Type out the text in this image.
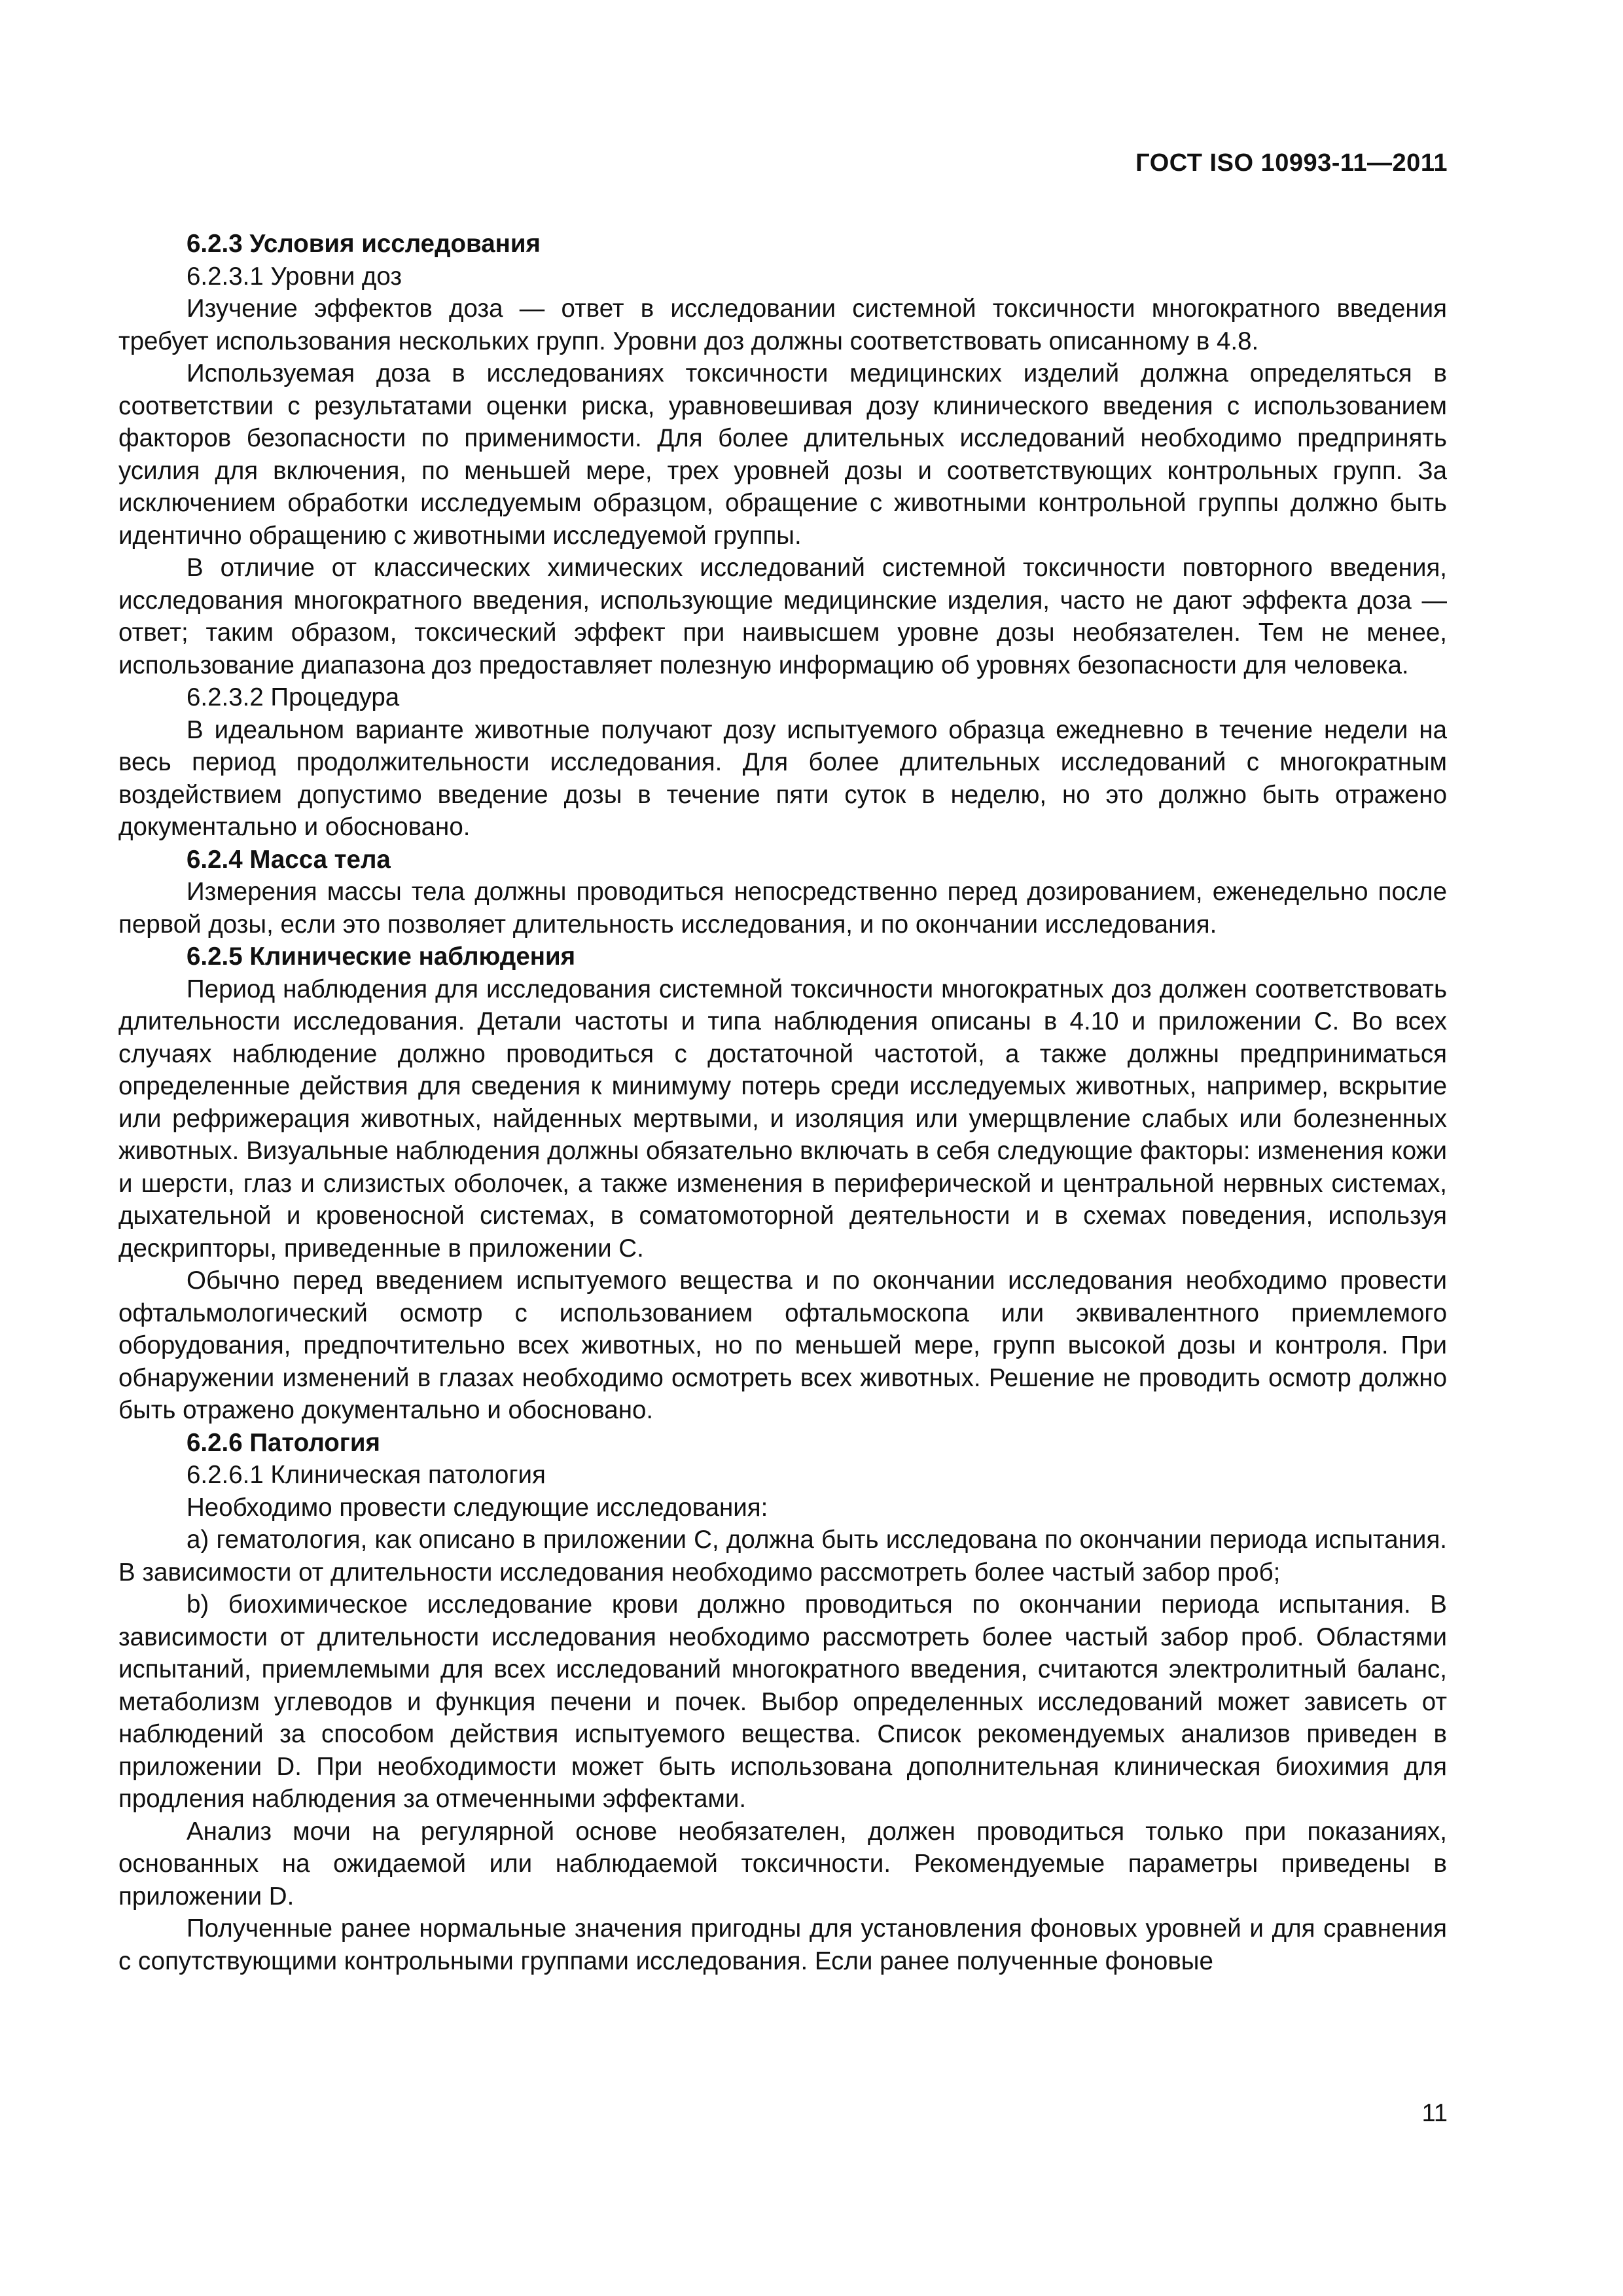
ГОСТ ISO 10993-11—2011

6.2.3 Условия исследования

6.2.3.1 Уровни доз

Изучение эффектов доза — ответ в исследовании системной токсичности многократного введения требует использования нескольких групп. Уровни доз должны соответствовать описанному в 4.8.

Используемая доза в исследованиях токсичности медицинских изделий должна определяться в соответствии с результатами оценки риска, уравновешивая дозу клинического введения с использованием факторов безопасности по применимости. Для более длительных исследований необходимо предпринять усилия для включения, по меньшей мере, трех уровней дозы и соответствующих контрольных групп. За исключением обработки исследуемым образцом, обращение с животными контрольной группы должно быть идентично обращению с животными исследуемой группы.

В отличие от классических химических исследований системной токсичности повторного введения, исследования многократного введения, использующие медицинские изделия, часто не дают эффекта доза — ответ; таким образом, токсический эффект при наивысшем уровне дозы необязателен. Тем не менее, использование диапазона доз предоставляет полезную информацию об уровнях безопасности для человека.

6.2.3.2 Процедура

В идеальном варианте животные получают дозу испытуемого образца ежедневно в течение недели на весь период продолжительности исследования. Для более длительных исследований с многократным воздействием допустимо введение дозы в течение пяти суток в неделю, но это должно быть отражено документально и обосновано.

6.2.4 Масса тела

Измерения массы тела должны проводиться непосредственно перед дозированием, еженедельно после первой дозы, если это позволяет длительность исследования, и по окончании исследования.

6.2.5 Клинические наблюдения

Период наблюдения для исследования системной токсичности многократных доз должен соответствовать длительности исследования. Детали частоты и типа наблюдения описаны в 4.10 и приложении С. Во всех случаях наблюдение должно проводиться с достаточной частотой, а также должны предприниматься определенные действия для сведения к минимуму потерь среди исследуемых животных, например, вскрытие или рефрижерация животных, найденных мертвыми, и изоляция или умерщвление слабых или болезненных животных. Визуальные наблюдения должны обязательно включать в себя следующие факторы: изменения кожи и шерсти, глаз и слизистых оболочек, а также изменения в периферической и центральной нервных системах, дыхательной и кровеносной системах, в соматомоторной деятельности и в схемах поведения, используя дескрипторы, приведенные в приложении С.

Обычно перед введением испытуемого вещества и по окончании исследования необходимо провести офтальмологический осмотр с использованием офтальмоскопа или эквивалентного приемлемого оборудования, предпочтительно всех животных, но по меньшей мере, групп высокой дозы и контроля. При обнаружении изменений в глазах необходимо осмотреть всех животных. Решение не проводить осмотр должно быть отражено документально и обосновано.

6.2.6 Патология

6.2.6.1 Клиническая патология

Необходимо провести следующие исследования:

a) гематология, как описано в приложении С, должна быть исследована по окончании периода испытания. В зависимости от длительности исследования необходимо рассмотреть более частый забор проб;

b) биохимическое исследование крови должно проводиться по окончании периода испытания. В зависимости от длительности исследования необходимо рассмотреть более частый забор проб. Областями испытаний, приемлемыми для всех исследований многократного введения, считаются электролитный баланс, метаболизм углеводов и функция печени и почек. Выбор определенных исследований может зависеть от наблюдений за способом действия испытуемого вещества. Список рекомендуемых анализов приведен в приложении D. При необходимости может быть использована дополнительная клиническая биохимия для продления наблюдения за отмеченными эффектами.

Анализ мочи на регулярной основе необязателен, должен проводиться только при показаниях, основанных на ожидаемой или наблюдаемой токсичности. Рекомендуемые параметры приведены в приложении D.

Полученные ранее нормальные значения пригодны для установления фоновых уровней и для сравнения с сопутствующими контрольными группами исследования. Если ранее полученные фоновые

11
